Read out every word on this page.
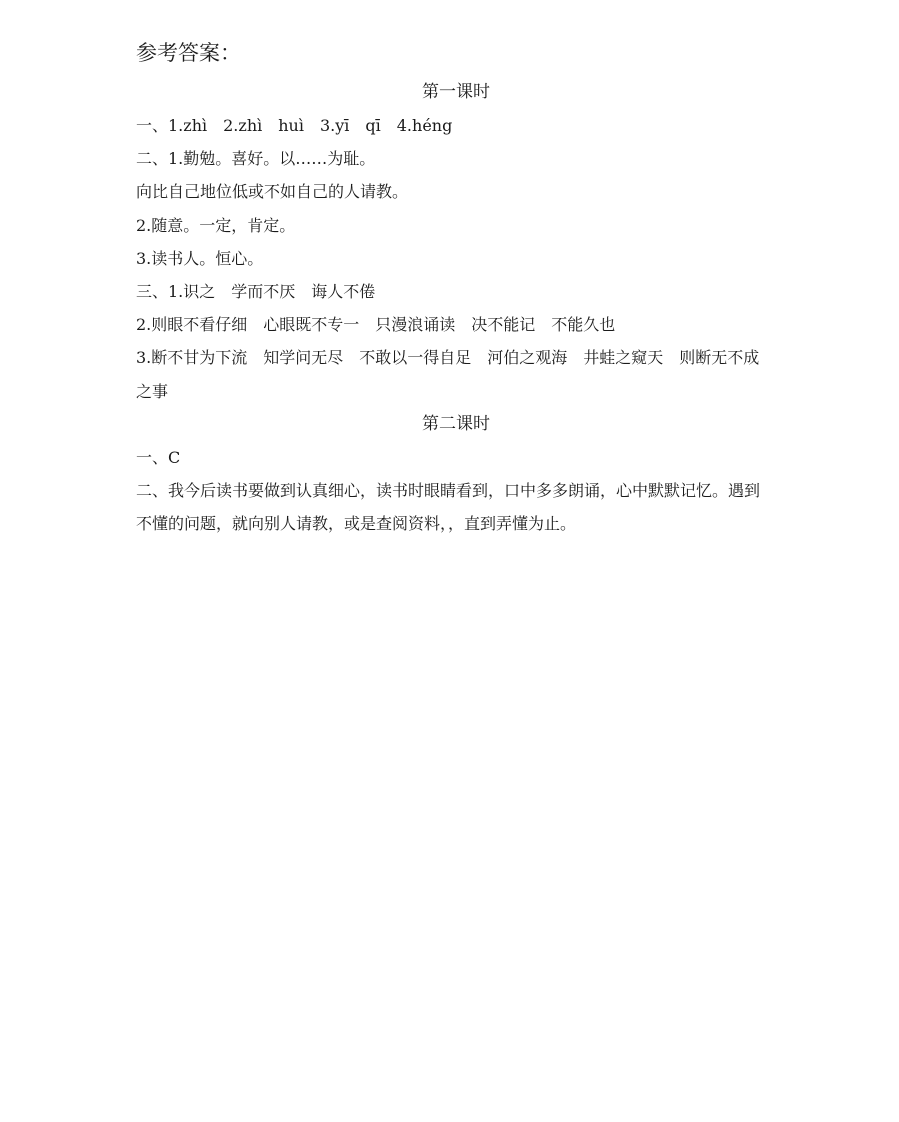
参考答案：
第一课时

一、1.zhì　2.zhì　huì　3.yī　qī　4.héng

二、1.勤勉。喜好。以……为耻。

向比自己地位低或不如自己的人请教。

2.随意。一定，肯定。

3.读书人。恒心。

三、1.识之　学而不厌　诲人不倦

2.则眼不看仔细　心眼既不专一　只漫浪诵读　决不能记　不能久也

3.断不甘为下流　知学问无尽　不敢以一得自足　河伯之观海　井蛙之窥天　则断无不成之事

第二课时

一、C

二、我今后读书要做到认真细心，读书时眼睛看到，口中多多朗诵，心中默默记忆。遇到不懂的问题，就向别人请教，或是查阅资料，，直到弄懂为止。
